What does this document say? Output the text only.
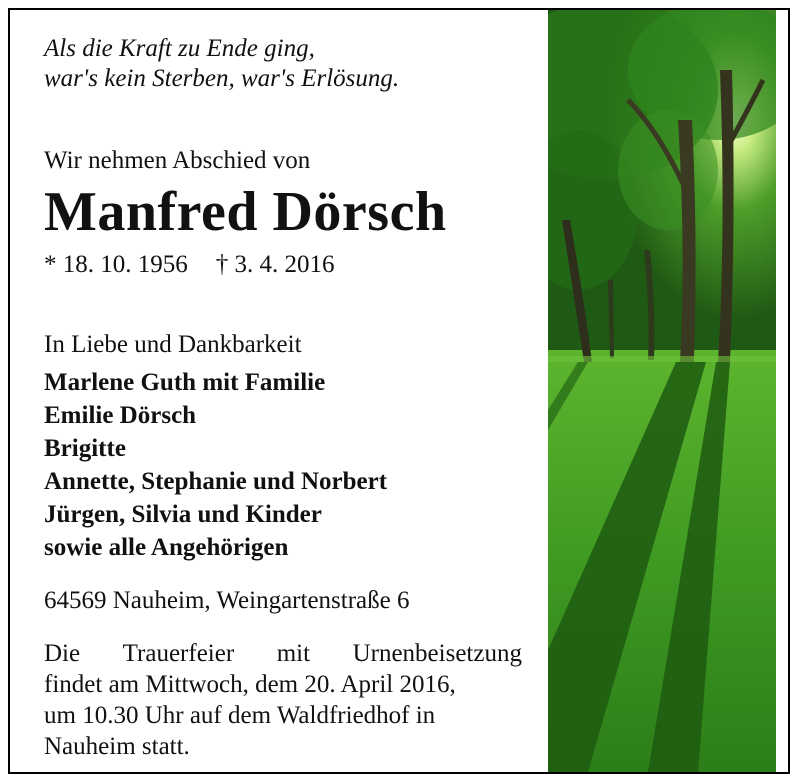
Als die Kraft zu Ende ging,
war's kein Sterben, war's Erlösung.
Wir nehmen Abschied von
Manfred Dörsch
* 18. 10. 1956 † 3. 4. 2016
In Liebe und Dankbarkeit
Marlene Guth mit Familie
Emilie Dörsch
Brigitte
Annette, Stephanie und Norbert
Jürgen, Silvia und Kinder
sowie alle Angehörigen
64569 Nauheim, Weingartenstraße 6
Die Trauerfeier mit Urnenbeisetzung
findet am Mittwoch, dem 20. April 2016,
um 10.30 Uhr auf dem Waldfriedhof in
Nauheim statt.
